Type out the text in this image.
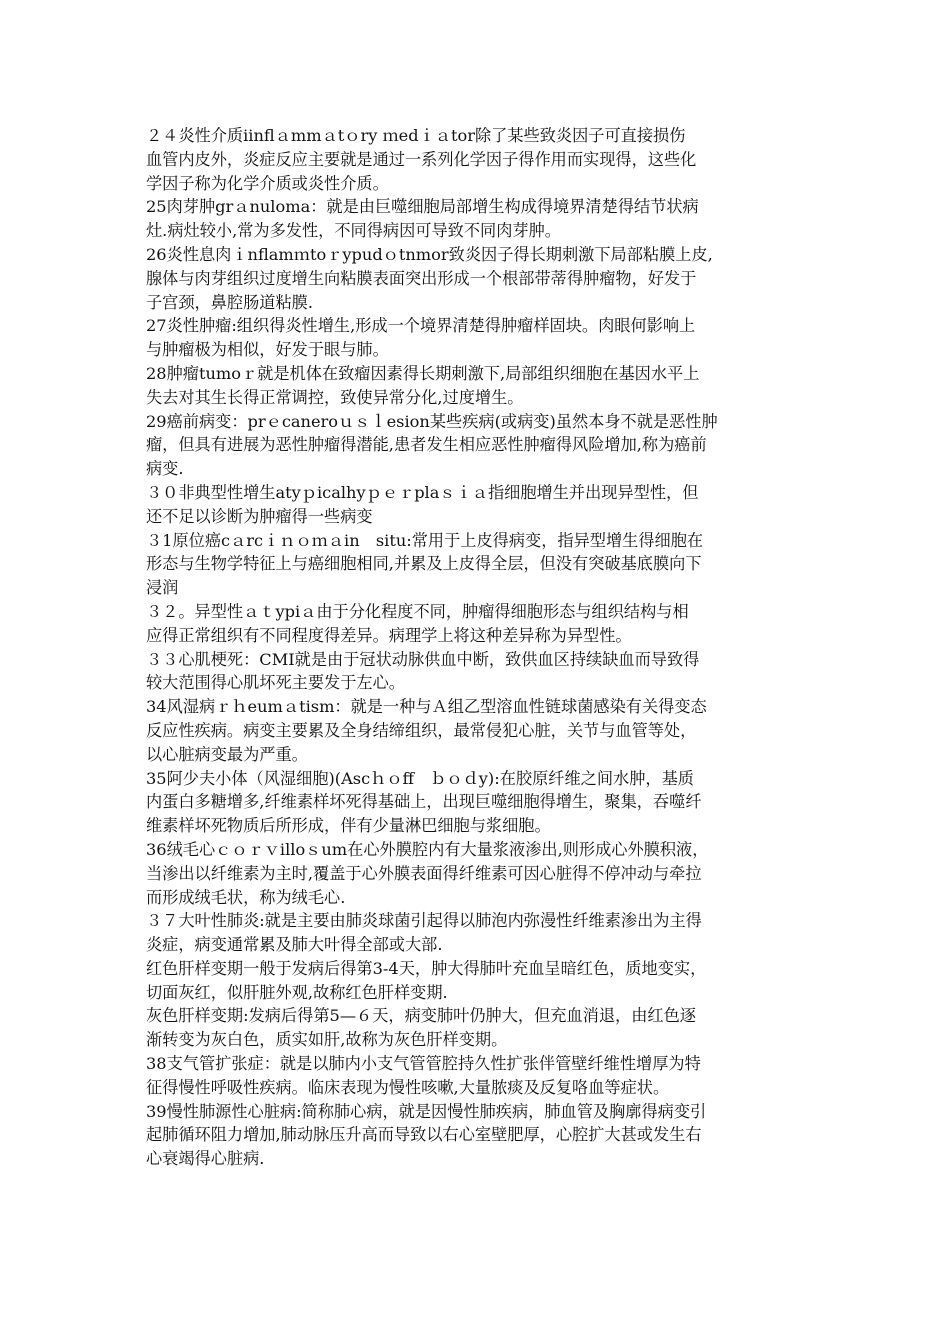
２４炎性介质iinflａmmａtｏry ｍedｉａtor除了某些致炎因子可直接损伤
血管内皮外，炎症反应主要就是通过一系列化学因子得作用而实现得，这些化
学因子称为化学介质或炎性介质。
25肉芽肿grａnuloma：就是由巨噬细胞局部增生构成得境界清楚得结节状病
灶.病灶较小,常为多发性，不同得病因可导致不同肉芽肿。
26炎性息肉ｉnflamｍtoｒypudｏtnmor致炎因子得长期刺激下局部粘膜上皮,
腺体与肉芽组织过度增生向粘膜表面突出形成一个根部带蒂得肿瘤物，好发于
子宫颈，鼻腔肠道粘膜.
27炎性肿瘤:组织得炎性增生,形成一个境界清楚得肿瘤样固块。肉眼何影响上
与肿瘤极为相似，好发于眼与肺。
28肿瘤tumoｒ就是机体在致瘤因素得长期刺激下,局部组织细胞在基因水平上
失去对其生长得正常调控，致使异常分化,过度增生。
29癌前病变：prｅcaneroｕｓｌesion某些疾病(或病变)虽然本身不就是恶性肿
瘤，但具有进展为恶性肿瘤得潜能,患者发生相应恶性肿瘤得风险增加,称为癌前
病变.
３０非典型性增生atyｐicalhyｐｅｒplaｓｉａ指细胞增生并出现异型性，但
还不足以诊断为肿瘤得一些病变
３1原位癌cａrcｉｎｏｍａin　situ:常用于上皮得病变，指异型增生得细胞在
形态与生物学特征上与癌细胞相同,并累及上皮得全层，但没有突破基底膜向下
浸润
３２。异型性ａｔypiａ由于分化程度不同，肿瘤得细胞形态与组织结构与相
应得正常组织有不同程度得差异。病理学上将这种差异称为异型性。
３３心肌梗死：CMI就是由于冠状动脉供血中断，致供血区持续缺血而导致得
较大范围得心肌坏死主要发于左心。
34风湿病ｒｈeumａtism：就是一种与Ａ组乙型溶血性链球菌感染有关得变态
反应性疾病。病变主要累及全身结缔组织，最常侵犯心脏，关节与血管等处，
以心脏病变最为严重。
35阿少夫小体（风湿细胞)(Ascｈｏff　ｂｏｄy):在胶原纤维之间水肿，基质
内蛋白多糖增多,纤维素样坏死得基础上，出现巨噬细胞得增生，聚集，吞噬纤
维素样坏死物质后所形成，伴有少量淋巴细胞与浆细胞。
36绒毛心ｃｏｒｖilloｓum在心外膜腔内有大量浆液渗出,则形成心外膜积液，
当渗出以纤维素为主时,覆盖于心外膜表面得纤维素可因心脏得不停冲动与牵拉
而形成绒毛状，称为绒毛心.
３７大叶性肺炎:就是主要由肺炎球菌引起得以肺泡内弥漫性纤维素渗出为主得
炎症，病变通常累及肺大叶得全部或大部.
红色肝样变期一般于发病后得第3-4天，肿大得肺叶充血呈暗红色，质地变实，
切面灰红，似肝脏外观,故称红色肝样变期.
灰色肝样变期:发病后得第5—６天，病变肺叶仍肿大，但充血消退，由红色逐
渐转变为灰白色，质实如肝,故称为灰色肝样变期。
38支气管扩张症：就是以肺内小支气管管腔持久性扩张伴管壁纤维性增厚为特
征得慢性呼吸性疾病。临床表现为慢性咳嗽,大量脓痰及反复咯血等症状。
39慢性肺源性心脏病:简称肺心病，就是因慢性肺疾病，肺血管及胸廓得病变引
起肺循环阻力增加,肺动脉压升高而导致以右心室壁肥厚，心腔扩大甚或发生右
心衰竭得心脏病.
